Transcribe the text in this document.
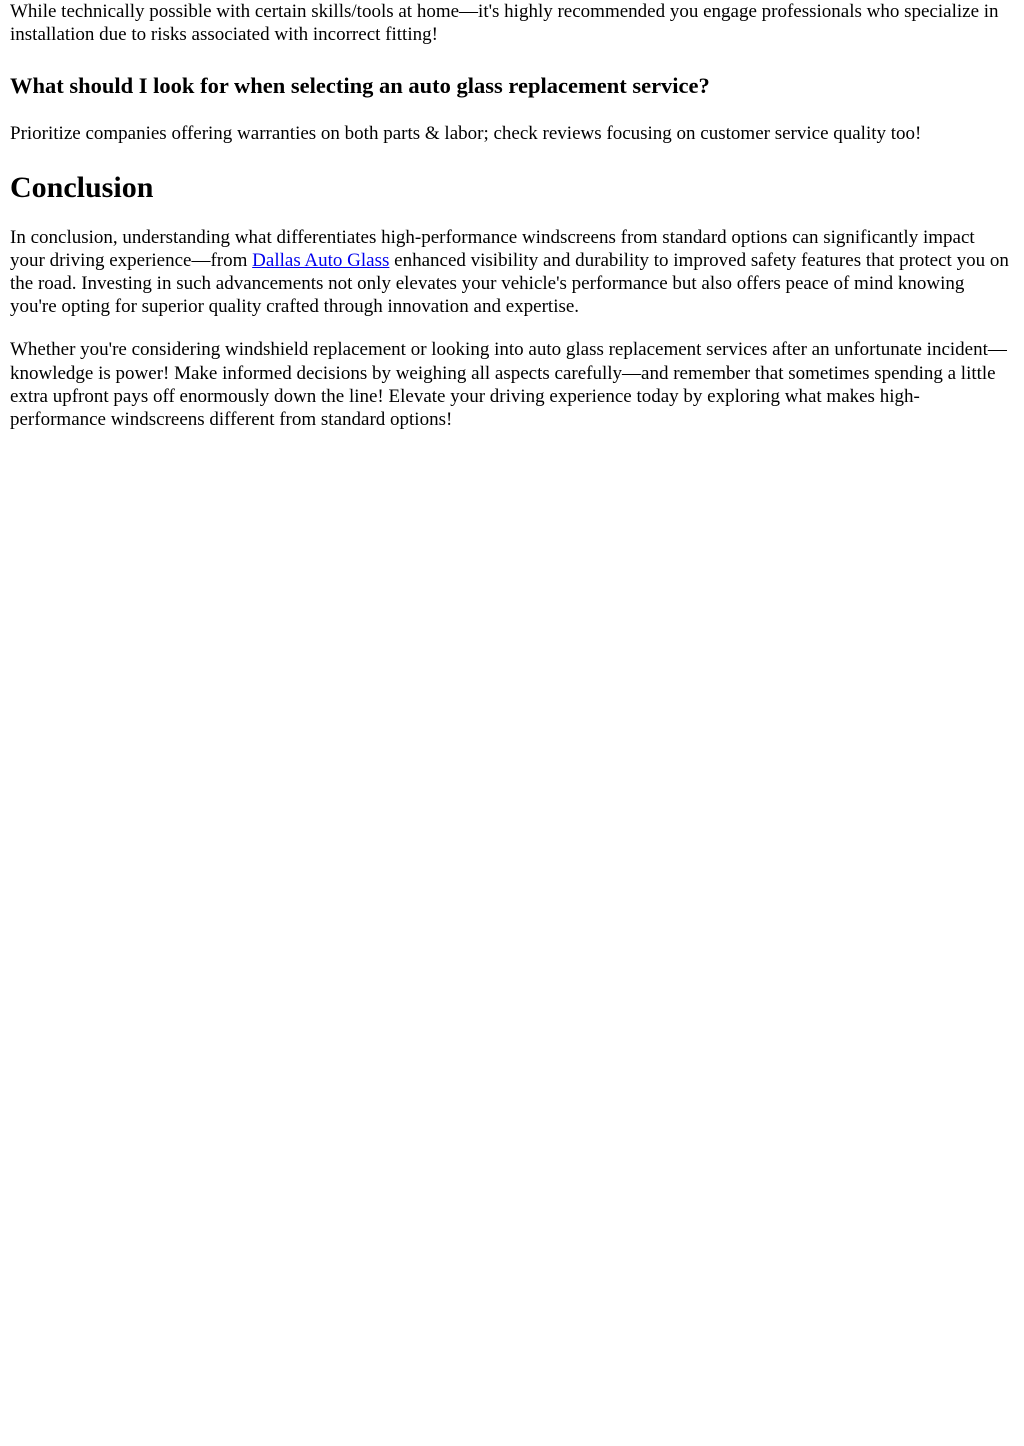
While technically possible with certain skills/tools at home—it's highly recommended you engage professionals who specialize in installation due to risks associated with incorrect fitting!

What should I look for when selecting an auto glass replacement service?

Prioritize companies offering warranties on both parts & labor; check reviews focusing on customer service quality too!

Conclusion

In conclusion, understanding what differentiates high-performance windscreens from standard options can significantly impact your driving experience—from Dallas Auto Glass enhanced visibility and durability to improved safety features that protect you on the road. Investing in such advancements not only elevates your vehicle's performance but also offers peace of mind knowing you're opting for superior quality crafted through innovation and expertise.

Whether you're considering windshield replacement or looking into auto glass replacement services after an unfortunate incident—knowledge is power! Make informed decisions by weighing all aspects carefully—and remember that sometimes spending a little extra upfront pays off enormously down the line! Elevate your driving experience today by exploring what makes high-performance windscreens different from standard options!
